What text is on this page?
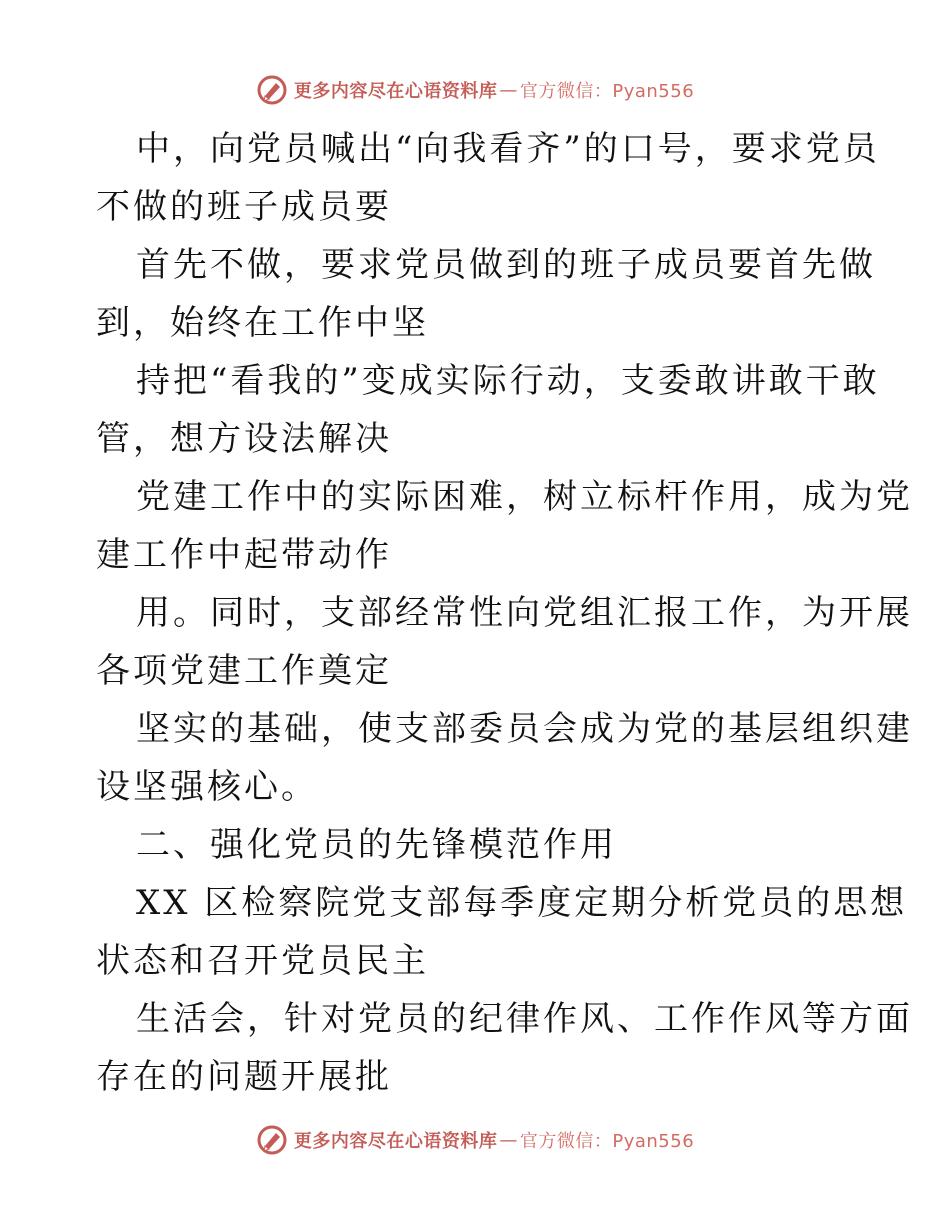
更多内容尽在心语资料库 — 官方微信：Pyan556

中，向党员喊出“向我看齐”的口号，要求党员

不做的班子成员要

首先不做，要求党员做到的班子成员要首先做

到，始终在工作中坚

持把“看我的”变成实际行动，支委敢讲敢干敢

管，想方设法解决

党建工作中的实际困难，树立标杆作用，成为党

建工作中起带动作

用。同时，支部经常性向党组汇报工作，为开展

各项党建工作奠定

坚实的基础，使支部委员会成为党的基层组织建

设坚强核心。

二、强化党员的先锋模范作用

XX 区检察院党支部每季度定期分析党员的思想

状态和召开党员民主

生活会，针对党员的纪律作风、工作作风等方面

存在的问题开展批

更多内容尽在心语资料库 — 官方微信：Pyan556
